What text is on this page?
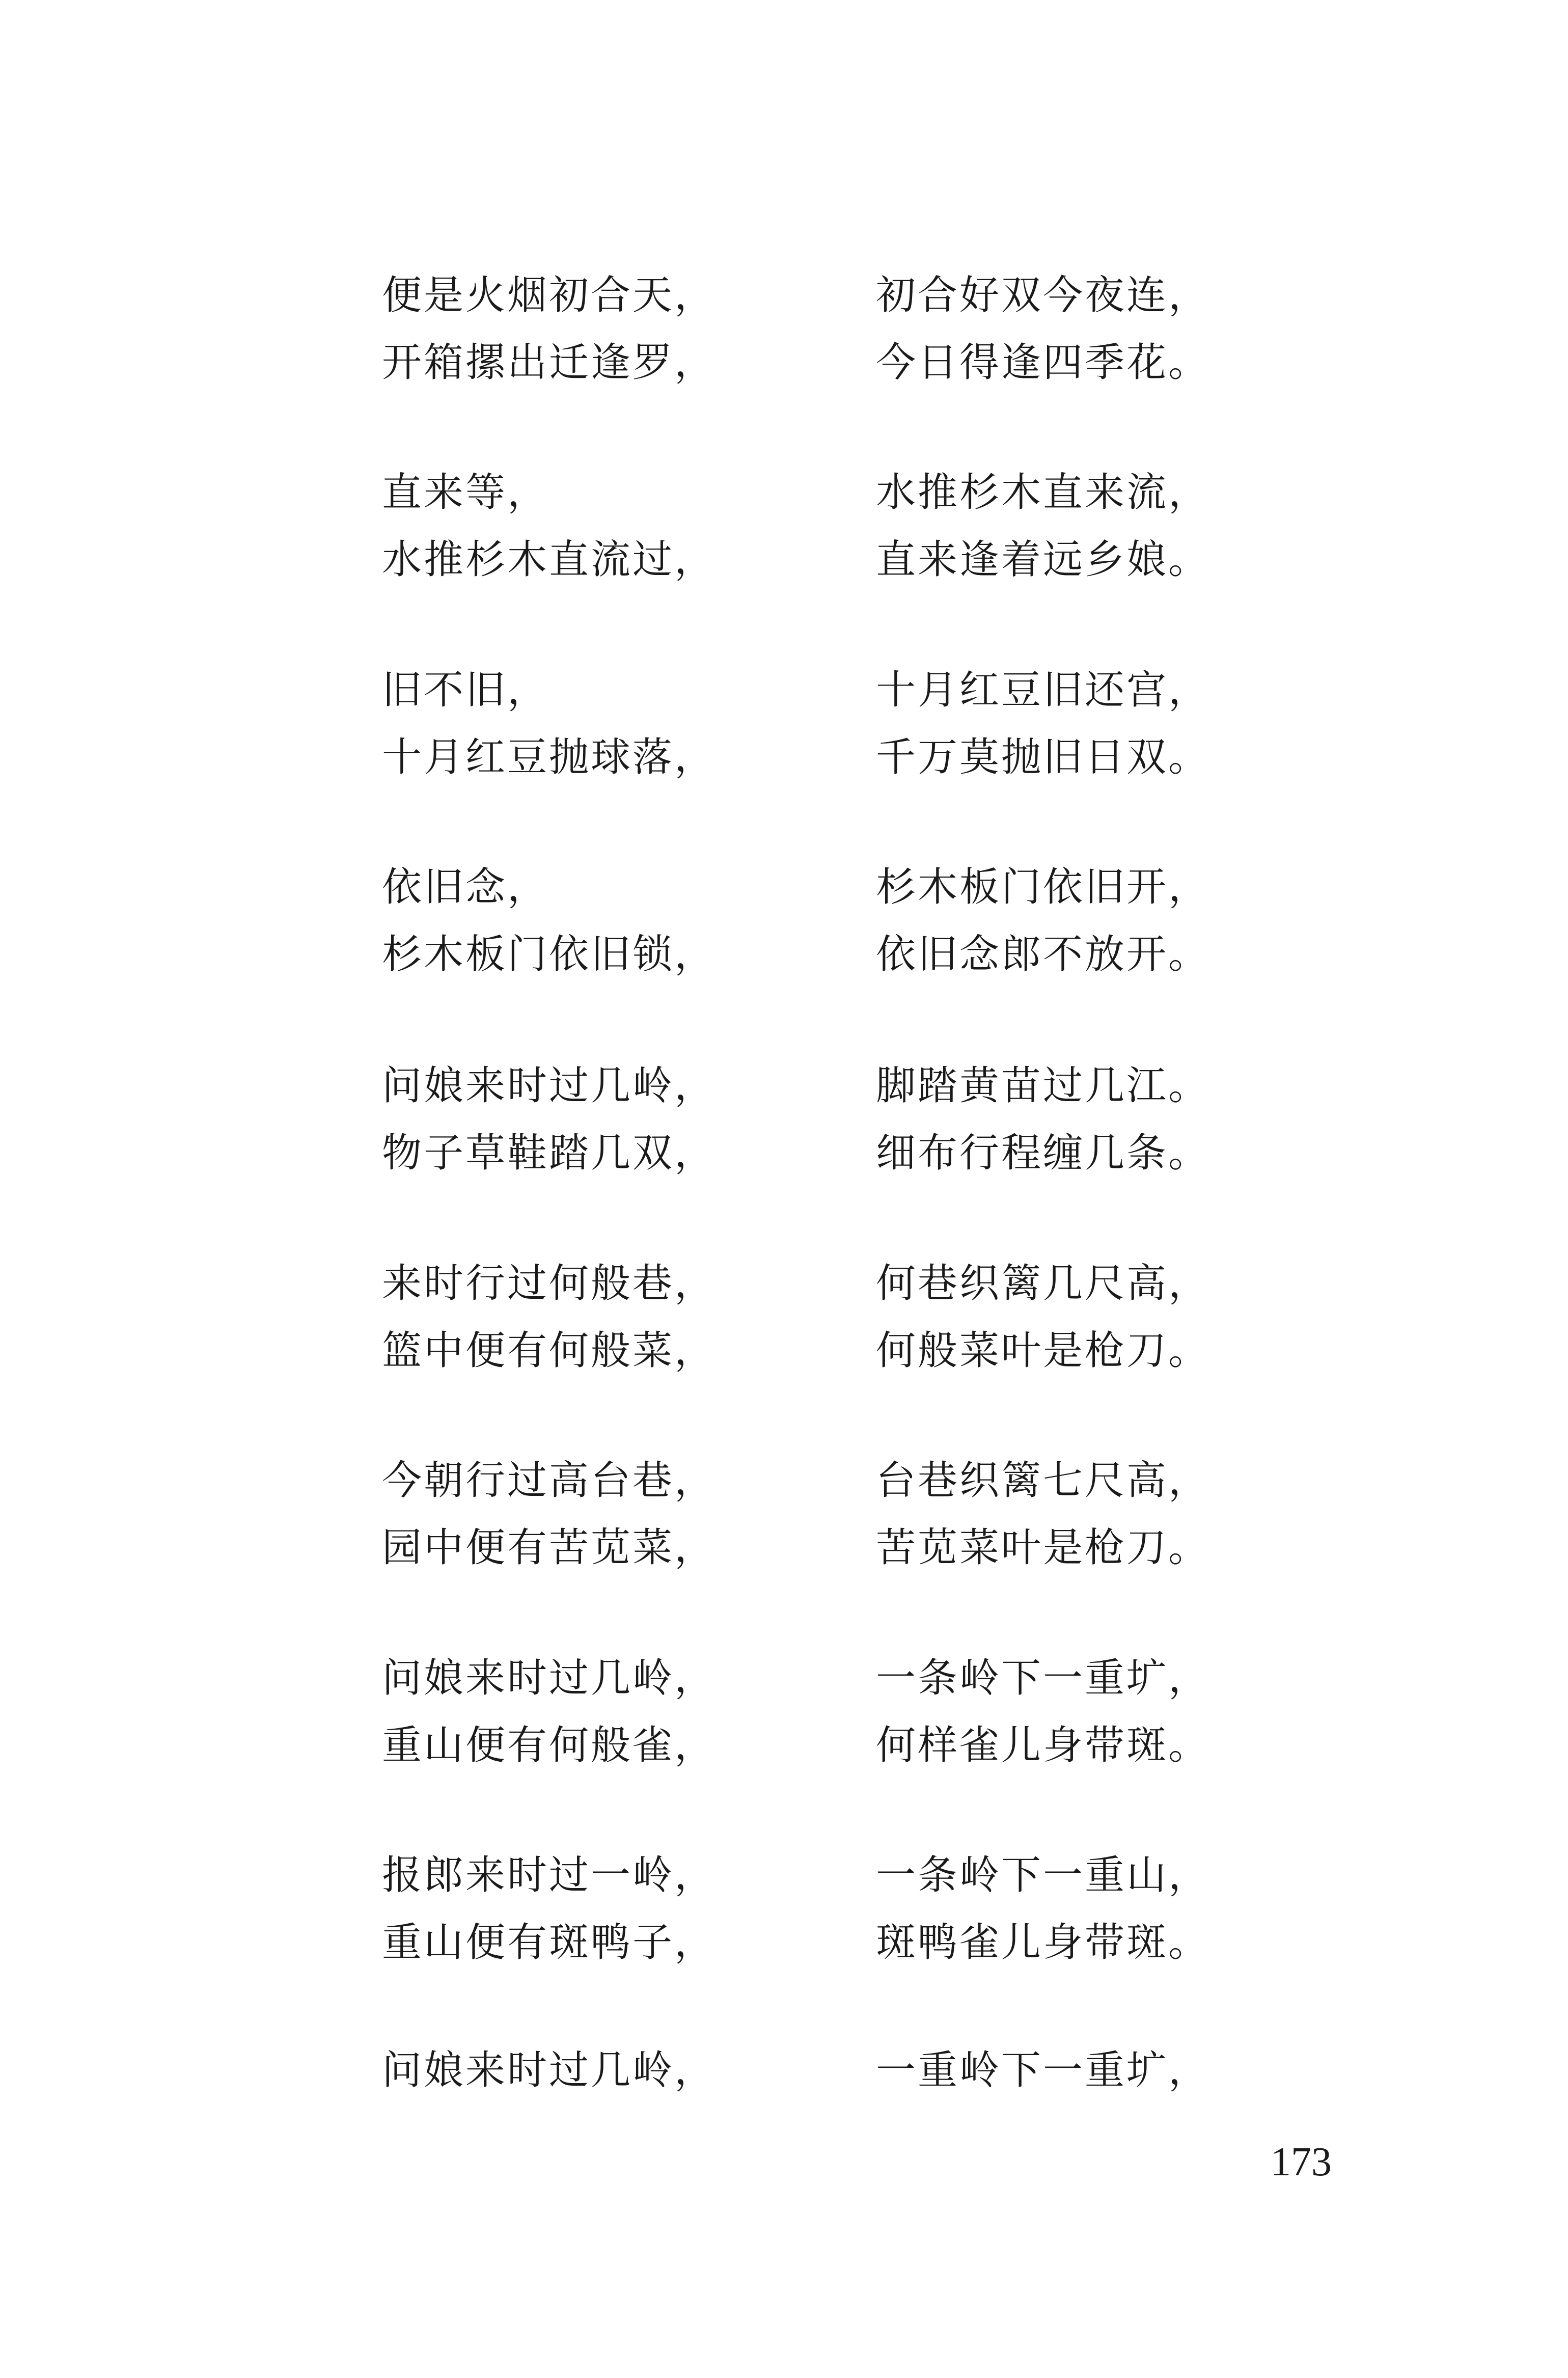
便是火烟初合天，	初合好双今夜连，
开箱摞出迁逢罗，	今日得逢四季花。
直来等，	水推杉木直来流，
水推杉木直流过，	直来逢着远乡娘。
旧不旧，	十月红豆旧还宫，
十月红豆抛球落，	千万莫抛旧日双。
依旧念，	杉木板门依旧开，
杉木板门依旧锁，	依旧念郎不放开。
问娘来时过几岭，	脚踏黄苗过几江。
物子草鞋踏几双，	细布行程缠几条。
来时行过何般巷，	何巷织篱几尺高，
篮中便有何般菜，	何般菜叶是枪刀。
今朝行过高台巷，	台巷织篱七尺高，
园中便有苦苋菜，	苦苋菜叶是枪刀。
问娘来时过几岭，	一条岭下一重圹，
重山便有何般雀，	何样雀儿身带斑。
报郎来时过一岭，	一条岭下一重山，
重山便有斑鸭子，	斑鸭雀儿身带斑。
问娘来时过几岭，	一重岭下一重圹，
173
